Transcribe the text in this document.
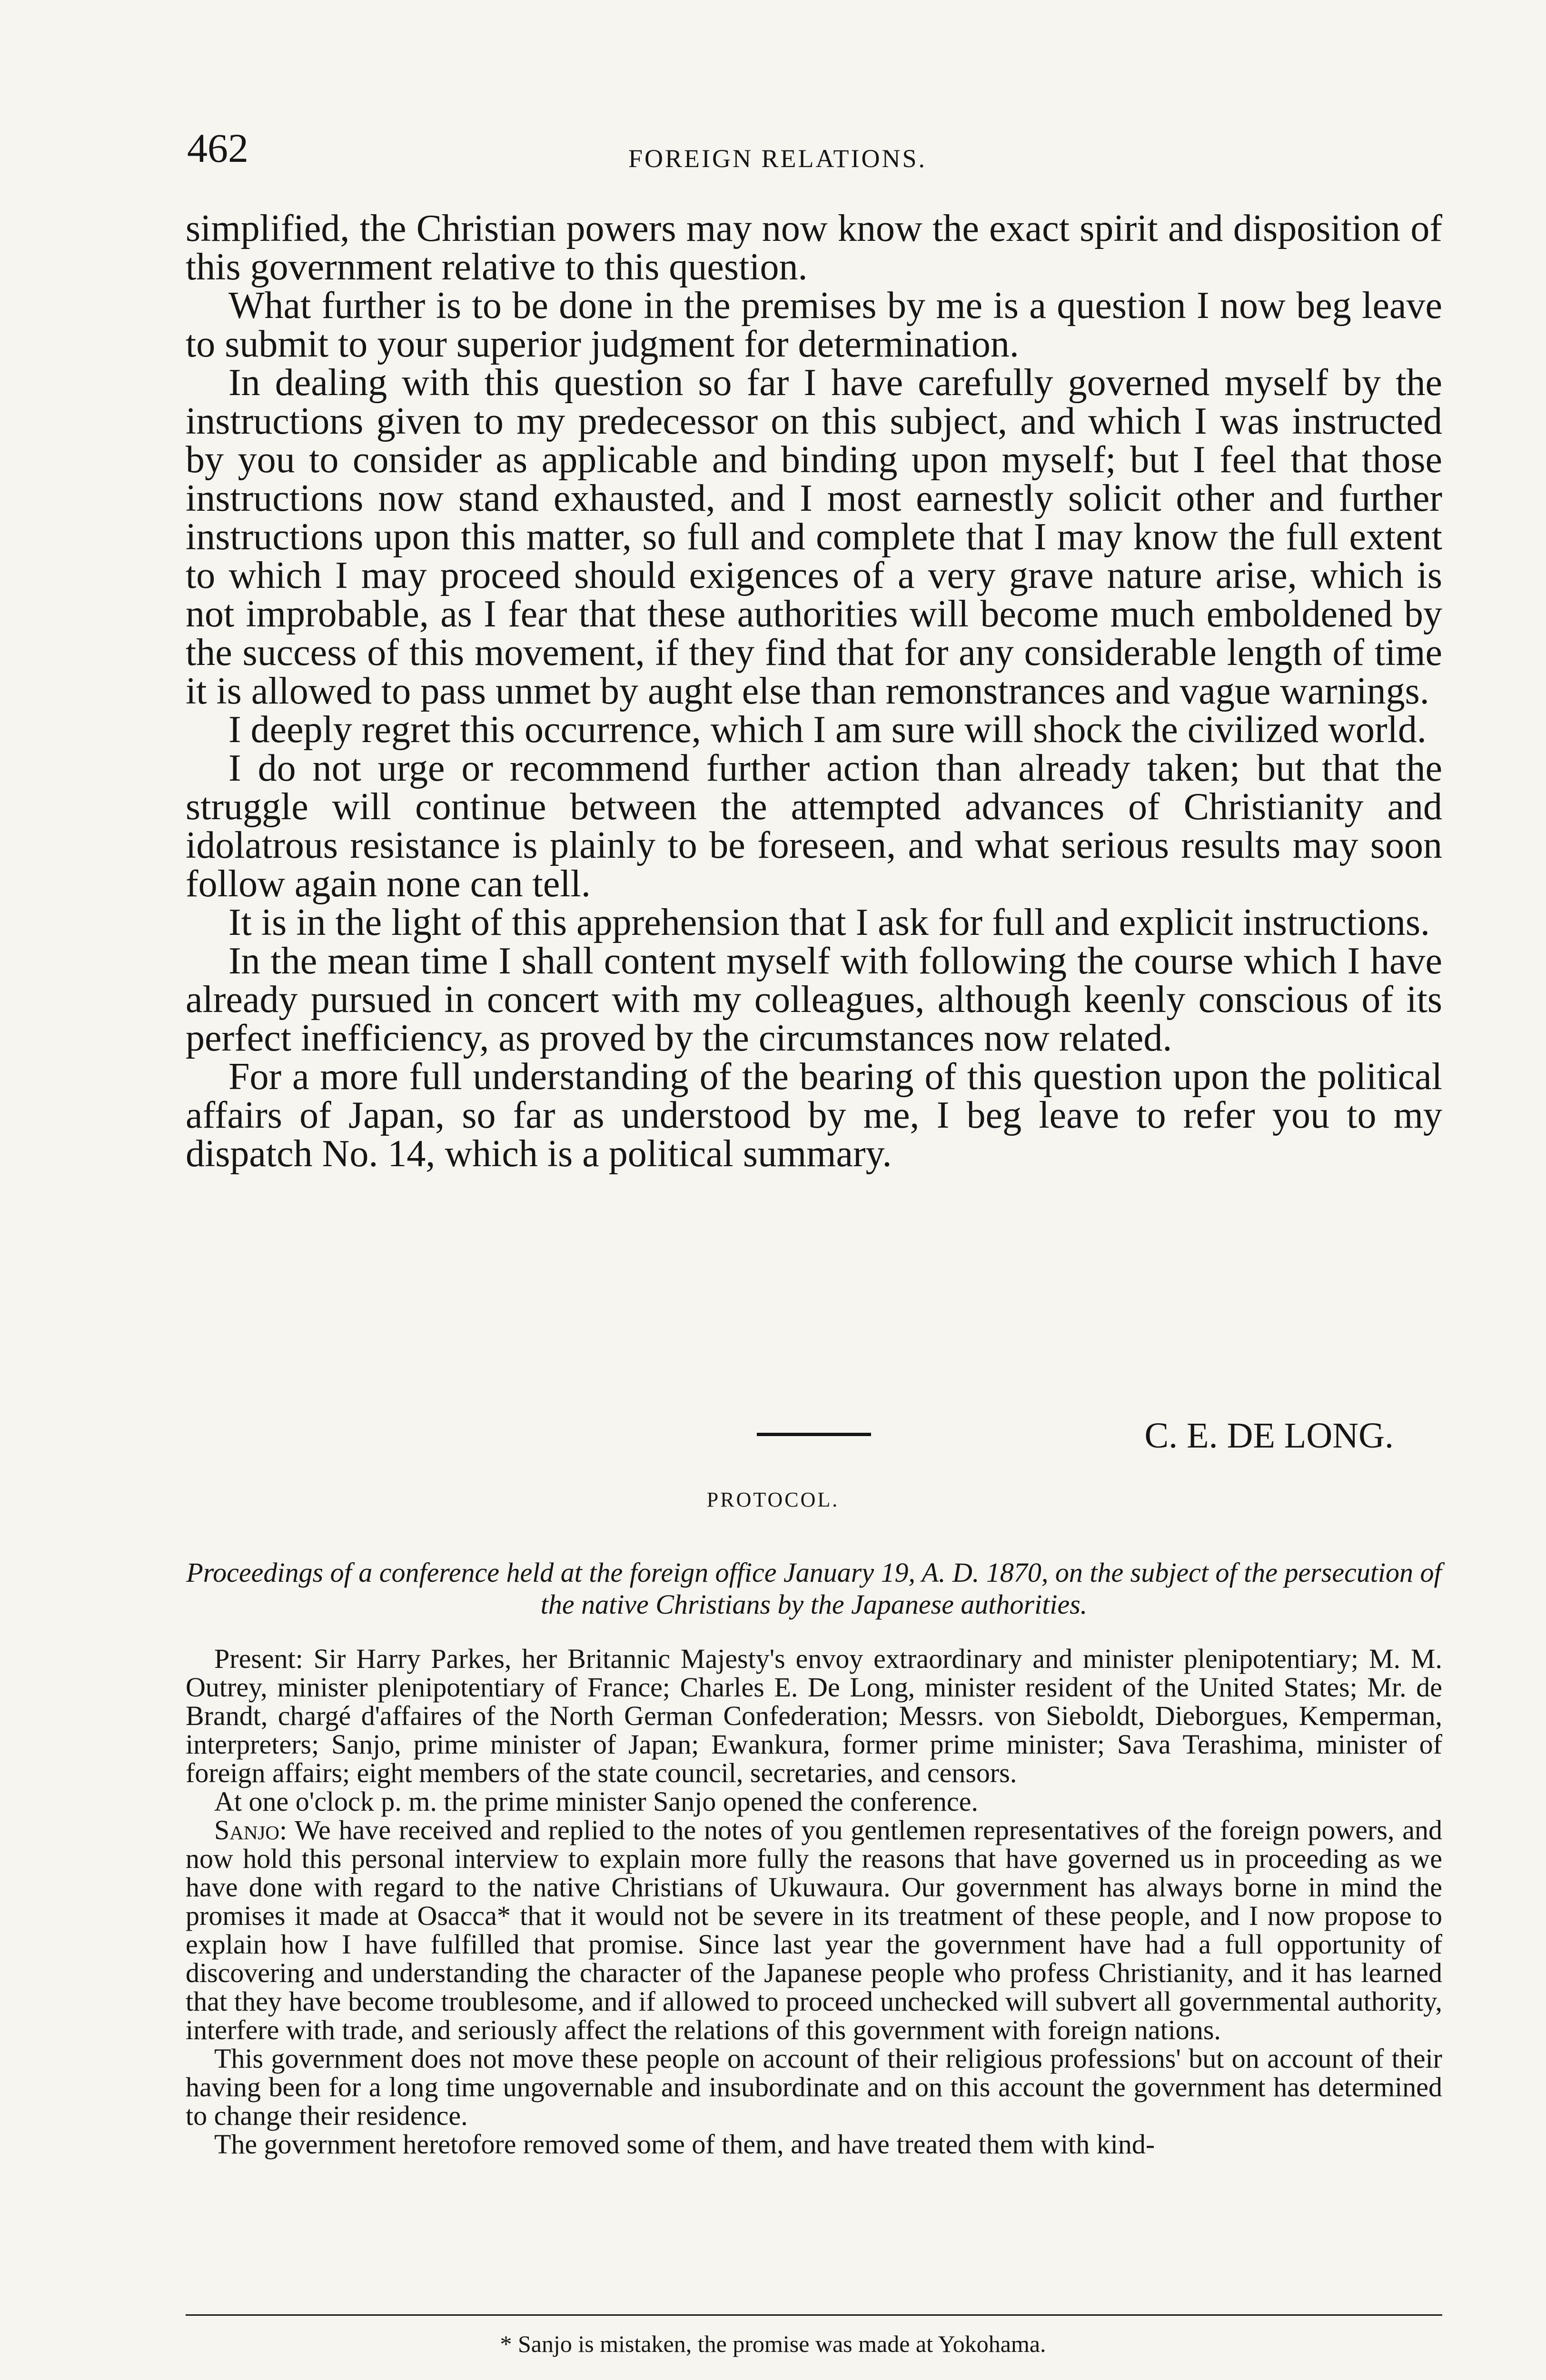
462	FOREIGN RELATIONS.

simplified, the Christian powers may now know the exact spirit and disposition of this government relative to this question.

What further is to be done in the premises by me is a question I now beg leave to submit to your superior judgment for determination.

In dealing with this question so far I have carefully governed myself by the instructions given to my predecessor on this subject, and which I was instructed by you to consider as applicable and binding upon myself; but I feel that those instructions now stand exhausted, and I most earnestly solicit other and further instructions upon this matter, so full and complete that I may know the full extent to which I may proceed should exigences of a very grave nature arise, which is not improbable, as I fear that these authorities will become much emboldened by the success of this movement, if they find that for any considerable length of time it is allowed to pass unmet by aught else than remonstrances and vague warnings.

I deeply regret this occurrence, which I am sure will shock the civilized world.

I do not urge or recommend further action than already taken; but that the struggle will continue between the attempted advances of Christianity and idolatrous resistance is plainly to be foreseen, and what serious results may soon follow again none can tell.

It is in the light of this apprehension that I ask for full and explicit instructions.

In the mean time I shall content myself with following the course which I have already pursued in concert with my colleagues, although keenly conscious of its perfect inefficiency, as proved by the circumstances now related.

For a more full understanding of the bearing of this question upon the political affairs of Japan, so far as understood by me, I beg leave to refer you to my dispatch No. 14, which is a political summary.

C. E. DE LONG.
PROTOCOL.
Proceedings of a conference held at the foreign office January 19, A. D. 1870, on the subject of the persecution of the native Christians by the Japanese authorities.

Present: Sir Harry Parkes, her Britannic Majesty's envoy extraordinary and minister plenipotentiary; M. M. Outrey, minister plenipotentiary of France; Charles E. De Long, minister resident of the United States; Mr. de Brandt, chargé d'affaires of the North German Confederation; Messrs. von Sieboldt, Dieborgues, Kemperman, interpreters; Sanjo, prime minister of Japan; Ewankura, former prime minister; Sava Terashima, minister of foreign affairs; eight members of the state council, secretaries, and censors.

At one o'clock p. m. the prime minister Sanjo opened the conference.

Sanjo: We have received and replied to the notes of you gentlemen representatives of the foreign powers, and now hold this personal interview to explain more fully the reasons that have governed us in proceeding as we have done with regard to the native Christians of Ukuwaura. Our government has always borne in mind the promises it made at Osacca* that it would not be severe in its treatment of these people, and I now propose to explain how I have fulfilled that promise. Since last year the government have had a full opportunity of discovering and understanding the character of the Japanese people who profess Christianity, and it has learned that they have become troublesome, and if allowed to proceed unchecked will subvert all governmental authority, interfere with trade, and seriously affect the relations of this government with foreign nations.

This government does not move these people on account of their religious professions' but on account of their having been for a long time ungovernable and insubordinate and on this account the government has determined to change their residence.

The government heretofore removed some of them, and have treated them with kind-

* Sanjo is mistaken, the promise was made at Yokohama.
